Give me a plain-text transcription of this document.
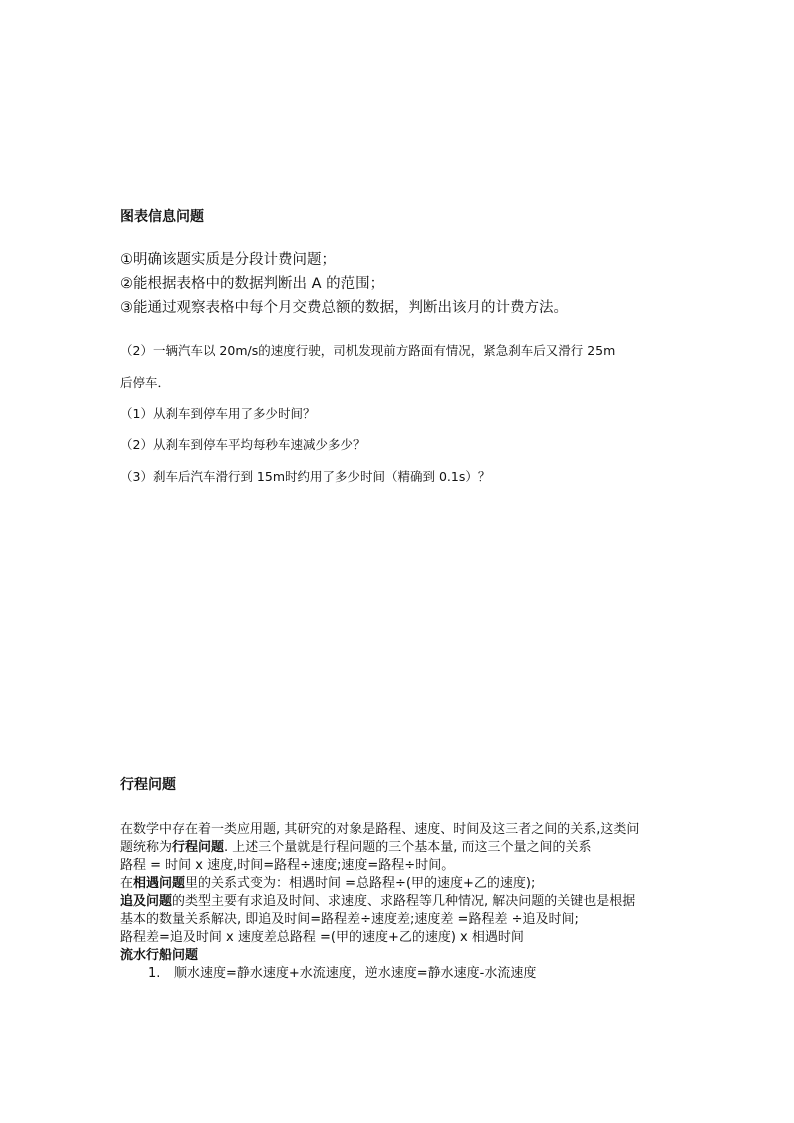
图表信息问题
①明确该题实质是分段计费问题；
②能根据表格中的数据判断出 A 的范围；
③能通过观察表格中每个月交费总额的数据，判断出该月的计费方法。
（2）一辆汽车以 20m/s的速度行驶，司机发现前方路面有情况，紧急刹车后又滑行 25m
后停车．
（1）从刹车到停车用了多少时间？
（2）从刹车到停车平均每秒车速减少多少？
（3）刹车后汽车滑行到 15m时约用了多少时间（精确到 0.1s）？
行程问题
在数学中存在着一类应用题, 其研究的对象是路程、速度、时间及这三者之间的关系,这类问
题统称为行程问题. 上述三个量就是行程问题的三个基本量, 而这三个量之间的关系
路程 = 时间 x 速度,时间=路程÷速度;速度=路程÷时间。
在相遇问题里的关系式变为：相遇时间 =总路程÷(甲的速度+乙的速度);
追及问题的类型主要有求追及时间、求速度、求路程等几种情况, 解决问题的关键也是根据
基本的数量关系解决, 即追及时间=路程差÷速度差;速度差 =路程差 ÷追及时间;
路程差=追及时间 x 速度差总路程 =(甲的速度+乙的速度) x 相遇时间
流水行船问题
1. 顺水速度=静水速度+水流速度，逆水速度=静水速度-水流速度
